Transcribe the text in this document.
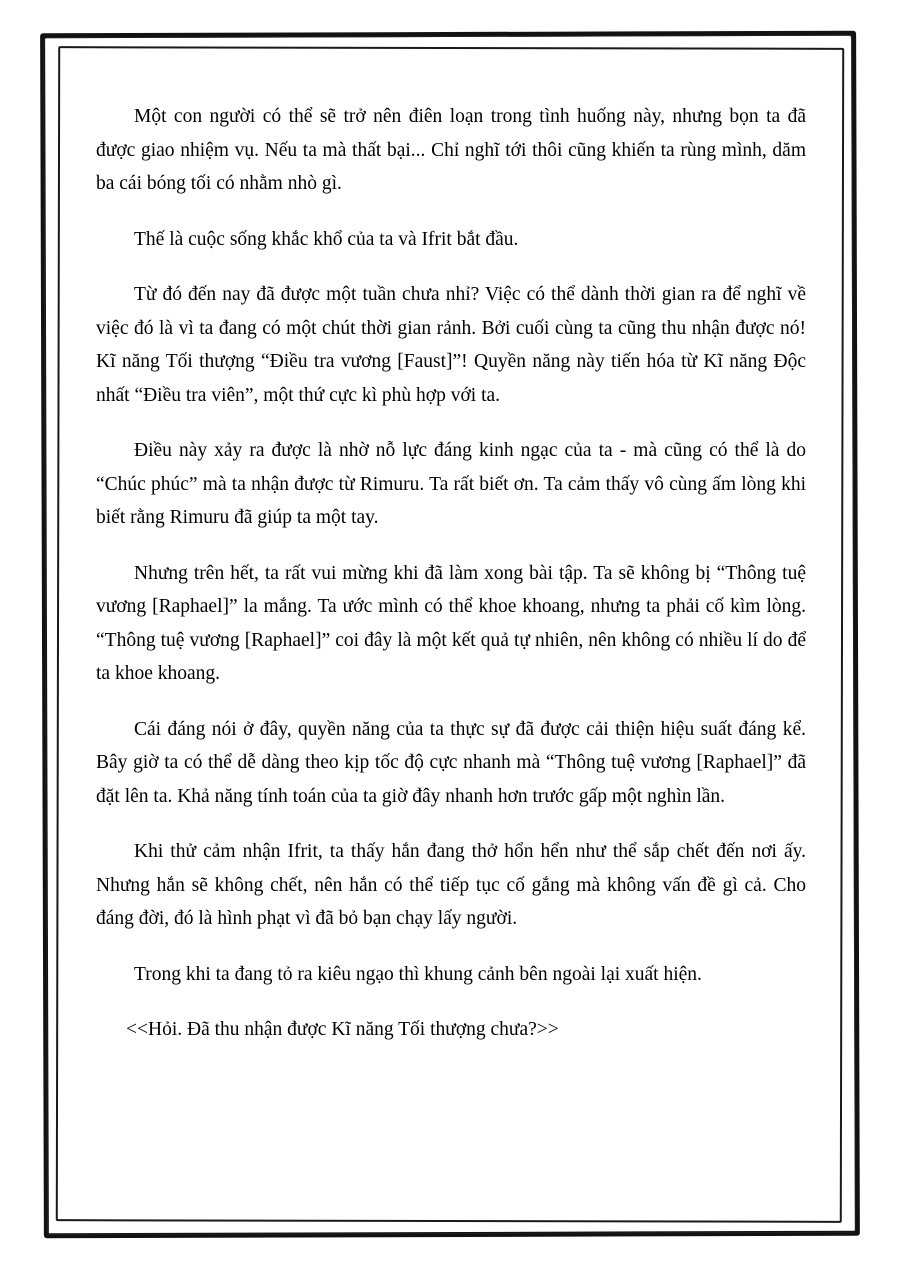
Một con người có thể sẽ trở nên điên loạn trong tình huống này, nhưng bọn ta đã được giao nhiệm vụ. Nếu ta mà thất bại... Chỉ nghĩ tới thôi cũng khiến ta rùng mình, dăm ba cái bóng tối có nhằm nhò gì.

Thế là cuộc sống khắc khổ của ta và Ifrit bắt đầu.

Từ đó đến nay đã được một tuần chưa nhỉ? Việc có thể dành thời gian ra để nghĩ về việc đó là vì ta đang có một chút thời gian rảnh. Bởi cuối cùng ta cũng thu nhận được nó! Kĩ năng Tối thượng “Điều tra vương [Faust]”! Quyền năng này tiến hóa từ Kĩ năng Độc nhất “Điều tra viên”, một thứ cực kì phù hợp với ta.

Điều này xảy ra được là nhờ nỗ lực đáng kinh ngạc của ta - mà cũng có thể là do “Chúc phúc” mà ta nhận được từ Rimuru. Ta rất biết ơn. Ta cảm thấy vô cùng ấm lòng khi biết rằng Rimuru đã giúp ta một tay.

Nhưng trên hết, ta rất vui mừng khi đã làm xong bài tập. Ta sẽ không bị “Thông tuệ vương [Raphael]” la mắng. Ta ước mình có thể khoe khoang, nhưng ta phải cố kìm lòng. “Thông tuệ vương [Raphael]” coi đây là một kết quả tự nhiên, nên không có nhiều lí do để ta khoe khoang.

Cái đáng nói ở đây, quyền năng của ta thực sự đã được cải thiện hiệu suất đáng kể. Bây giờ ta có thể dễ dàng theo kịp tốc độ cực nhanh mà “Thông tuệ vương [Raphael]” đã đặt lên ta. Khả năng tính toán của ta giờ đây nhanh hơn trước gấp một nghìn lần.

Khi thử cảm nhận Ifrit, ta thấy hắn đang thở hổn hển như thể sắp chết đến nơi ấy. Nhưng hắn sẽ không chết, nên hắn có thể tiếp tục cố gắng mà không vấn đề gì cả. Cho đáng đời, đó là hình phạt vì đã bỏ bạn chạy lấy người.

Trong khi ta đang tỏ ra kiêu ngạo thì khung cảnh bên ngoài lại xuất hiện.

<<Hỏi. Đã thu nhận được Kĩ năng Tối thượng chưa?>>
